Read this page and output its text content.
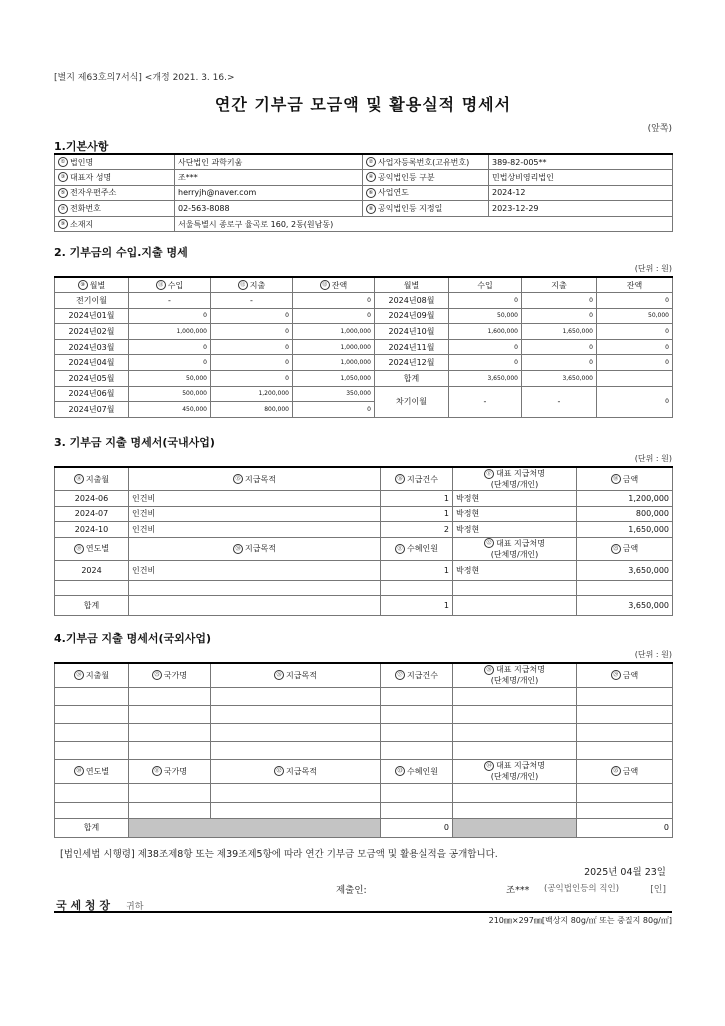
[별지 제63호의7서식] <개정 2021. 3. 16.>
연간 기부금 모금액 및 활용실적 명세서
(앞쪽)
1.기본사항
① 법인명	사단법인 과학키움	② 사업자등록번호(고유번호)	389-82-005**
③ 대표자 성명	조***	④ 공익법인등 구분	민법상비영리법인
⑤ 전자우편주소	herryjh@naver.com	⑥ 사업연도	2024-12
⑦ 전화번호	02-563-8088	⑧ 공익법인등 지정일	2023-12-29
⑨ 소재지	서울특별시 종로구 율곡로 160, 2동(원남동)		
2. 기부금의 수입.지출 명세
(단위 : 원)
⑩ 월별	⑪ 수입	⑫ 지출	⑬ 잔액	월별	수입	지출	잔액
전기이월	-	-	0	2024년08월	0	0	0
2024년01월	0	0	0	2024년09월	50,000	0	50,000
2024년02월	1,000,000	0	1,000,000	2024년10월	1,600,000	1,650,000	0
2024년03월	0	0	1,000,000	2024년11월	0	0	0
2024년04월	0	0	1,000,000	2024년12월	0	0	0
2024년05월	50,000	0	1,050,000	합계	3,650,000	3,650,000	
2024년06월	500,000	1,200,000	350,000	차기이월	-	-	0
2024년07월	450,000	800,000	0				
3. 기부금 지출 명세서(국내사업)
(단위 : 원)
⑭ 지출월	⑮ 지급목적	⑯ 지급건수	⑰ 대표 지급처명
(단체명/개인)	⑱ 금액
2024-06	인건비	1	박정현	1,200,000
2024-07	인건비	1	박정현	800,000
2024-10	인건비	2	박정현	1,650,000
⑲ 연도별	⑳ 지급목적	㉑ 수혜인원	㉒ 대표 지급처명
(단체명/개인)	㉓ 금액
2024	인건비	1	박정현	3,650,000

합계		1		3,650,000
4.기부금 지출 명세서(국외사업)
(단위 : 원)
㉔ 지출월	㉕ 국가명	㉖ 지급목적	㉗ 지급건수	㉘ 대표 지급처명
(단체명/개인)	㉙ 금액

㉚ 연도별	㉛ 국가명	㉜ 지급목적	㉝ 수혜인원	㉞ 대표 지급처명
(단체명/개인)	㉟ 금액

합계			0		0
[법인세법 시행령] 제38조제8항 또는 제39조제5항에 따라 연간 기부금 모금액 및 활용실적을 공개합니다.
2025년 04월 23일
제출인:	조*** (공익법인등의 직인)	[인]
국 세 청 장 귀하
210㎜×297㎜[백상지 80g/㎡ 또는 중질지 80g/㎡]
